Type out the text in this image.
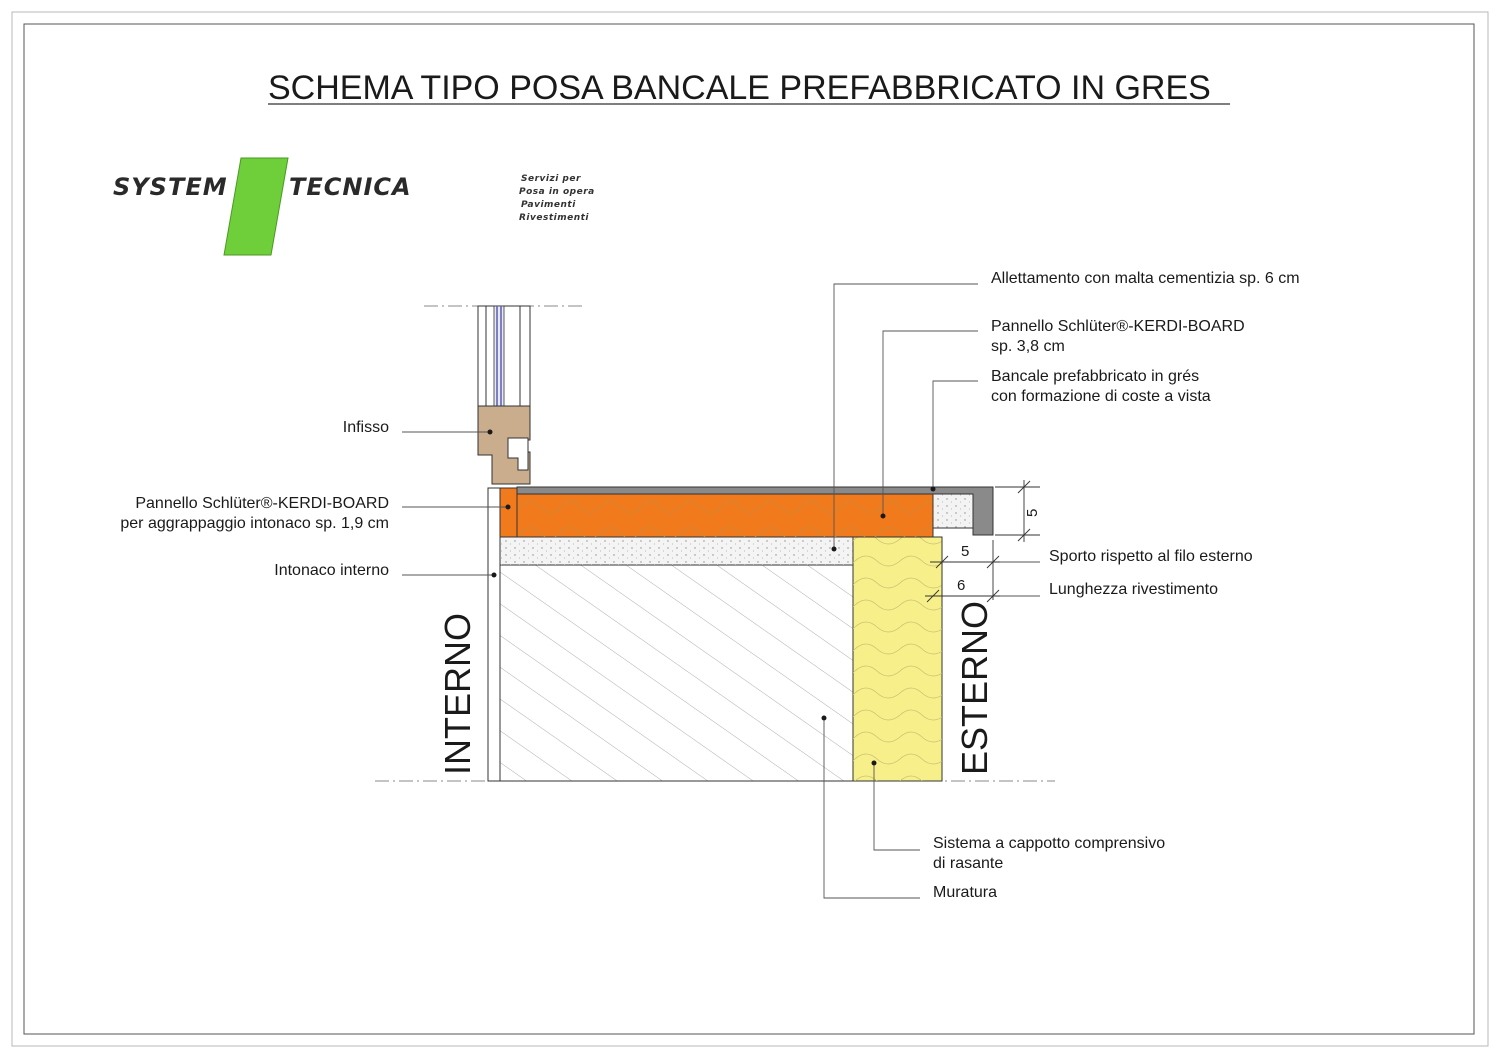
SCHEMA TIPO POSA BANCALE PREFABBRICATO IN GRES
SYSTEM	TECNICA	Servizi per
Posa in opera
Pavimenti
Rivestimenti
5
5
6
Infisso
Pannello Schlüter®-KERDI-BOARD
per aggrappaggio intonaco sp. 1,9 cm
Intonaco interno
Allettamento con malta cementizia sp. 6 cm
Pannello Schlüter®-KERDI-BOARD
sp. 3,8 cm
Bancale prefabbricato in grés
con formazione di coste a vista
Sporto rispetto al filo esterno
Lunghezza rivestimento
Sistema a cappotto comprensivo
di rasante
Muratura
INTERNO	ESTERNO
